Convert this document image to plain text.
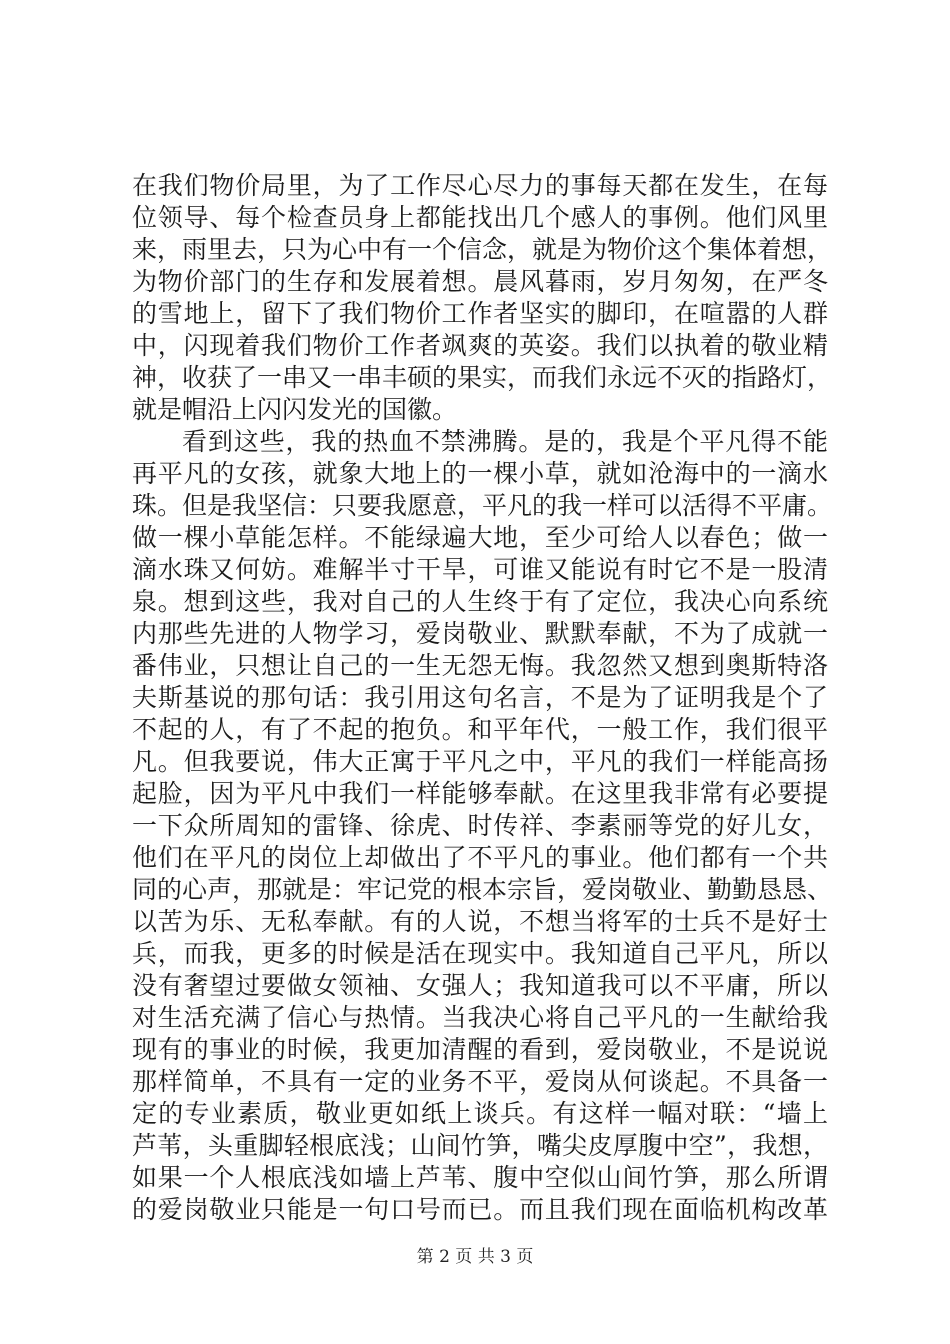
在我们物价局里，为了工作尽心尽力的事每天都在发生，在每
位领导、每个检查员身上都能找出几个感人的事例。他们风里
来，雨里去，只为心中有一个信念，就是为物价这个集体着想，
为物价部门的生存和发展着想。晨风暮雨，岁月匆匆，在严冬
的雪地上，留下了我们物价工作者坚实的脚印，在喧嚣的人群
中，闪现着我们物价工作者飒爽的英姿。我们以执着的敬业精
神，收获了一串又一串丰硕的果实，而我们永远不灭的指路灯，
就是帽沿上闪闪发光的国徽。
看到这些，我的热血不禁沸腾。是的，我是个平凡得不能
再平凡的女孩，就象大地上的一棵小草，就如沧海中的一滴水
珠。但是我坚信：只要我愿意，平凡的我一样可以活得不平庸。
做一棵小草能怎样。不能绿遍大地，至少可给人以春色；做一
滴水珠又何妨。难解半寸干旱，可谁又能说有时它不是一股清
泉。想到这些，我对自己的人生终于有了定位，我决心向系统
内那些先进的人物学习，爱岗敬业、默默奉献，不为了成就一
番伟业，只想让自己的一生无怨无悔。我忽然又想到奥斯特洛
夫斯基说的那句话：我引用这句名言，不是为了证明我是个了
不起的人，有了不起的抱负。和平年代，一般工作，我们很平
凡。但我要说，伟大正寓于平凡之中，平凡的我们一样能高扬
起脸，因为平凡中我们一样能够奉献。在这里我非常有必要提
一下众所周知的雷锋、徐虎、时传祥、李素丽等党的好儿女，
他们在平凡的岗位上却做出了不平凡的事业。他们都有一个共
同的心声，那就是：牢记党的根本宗旨，爱岗敬业、勤勤恳恳、
以苦为乐、无私奉献。有的人说，不想当将军的士兵不是好士
兵，而我，更多的时候是活在现实中。我知道自己平凡，所以
没有奢望过要做女领袖、女强人；我知道我可以不平庸，所以
对生活充满了信心与热情。当我决心将自己平凡的一生献给我
现有的事业的时候，我更加清醒的看到，爱岗敬业，不是说说
那样简单，不具有一定的业务不平，爱岗从何谈起。不具备一
定的专业素质，敬业更如纸上谈兵。有这样一幅对联：“墙上
芦苇，头重脚轻根底浅；山间竹笋，嘴尖皮厚腹中空”，我想，
如果一个人根底浅如墙上芦苇、腹中空似山间竹笋，那么所谓
的爱岗敬业只能是一句口号而已。而且我们现在面临机构改革
第 2 页 共 3 页
